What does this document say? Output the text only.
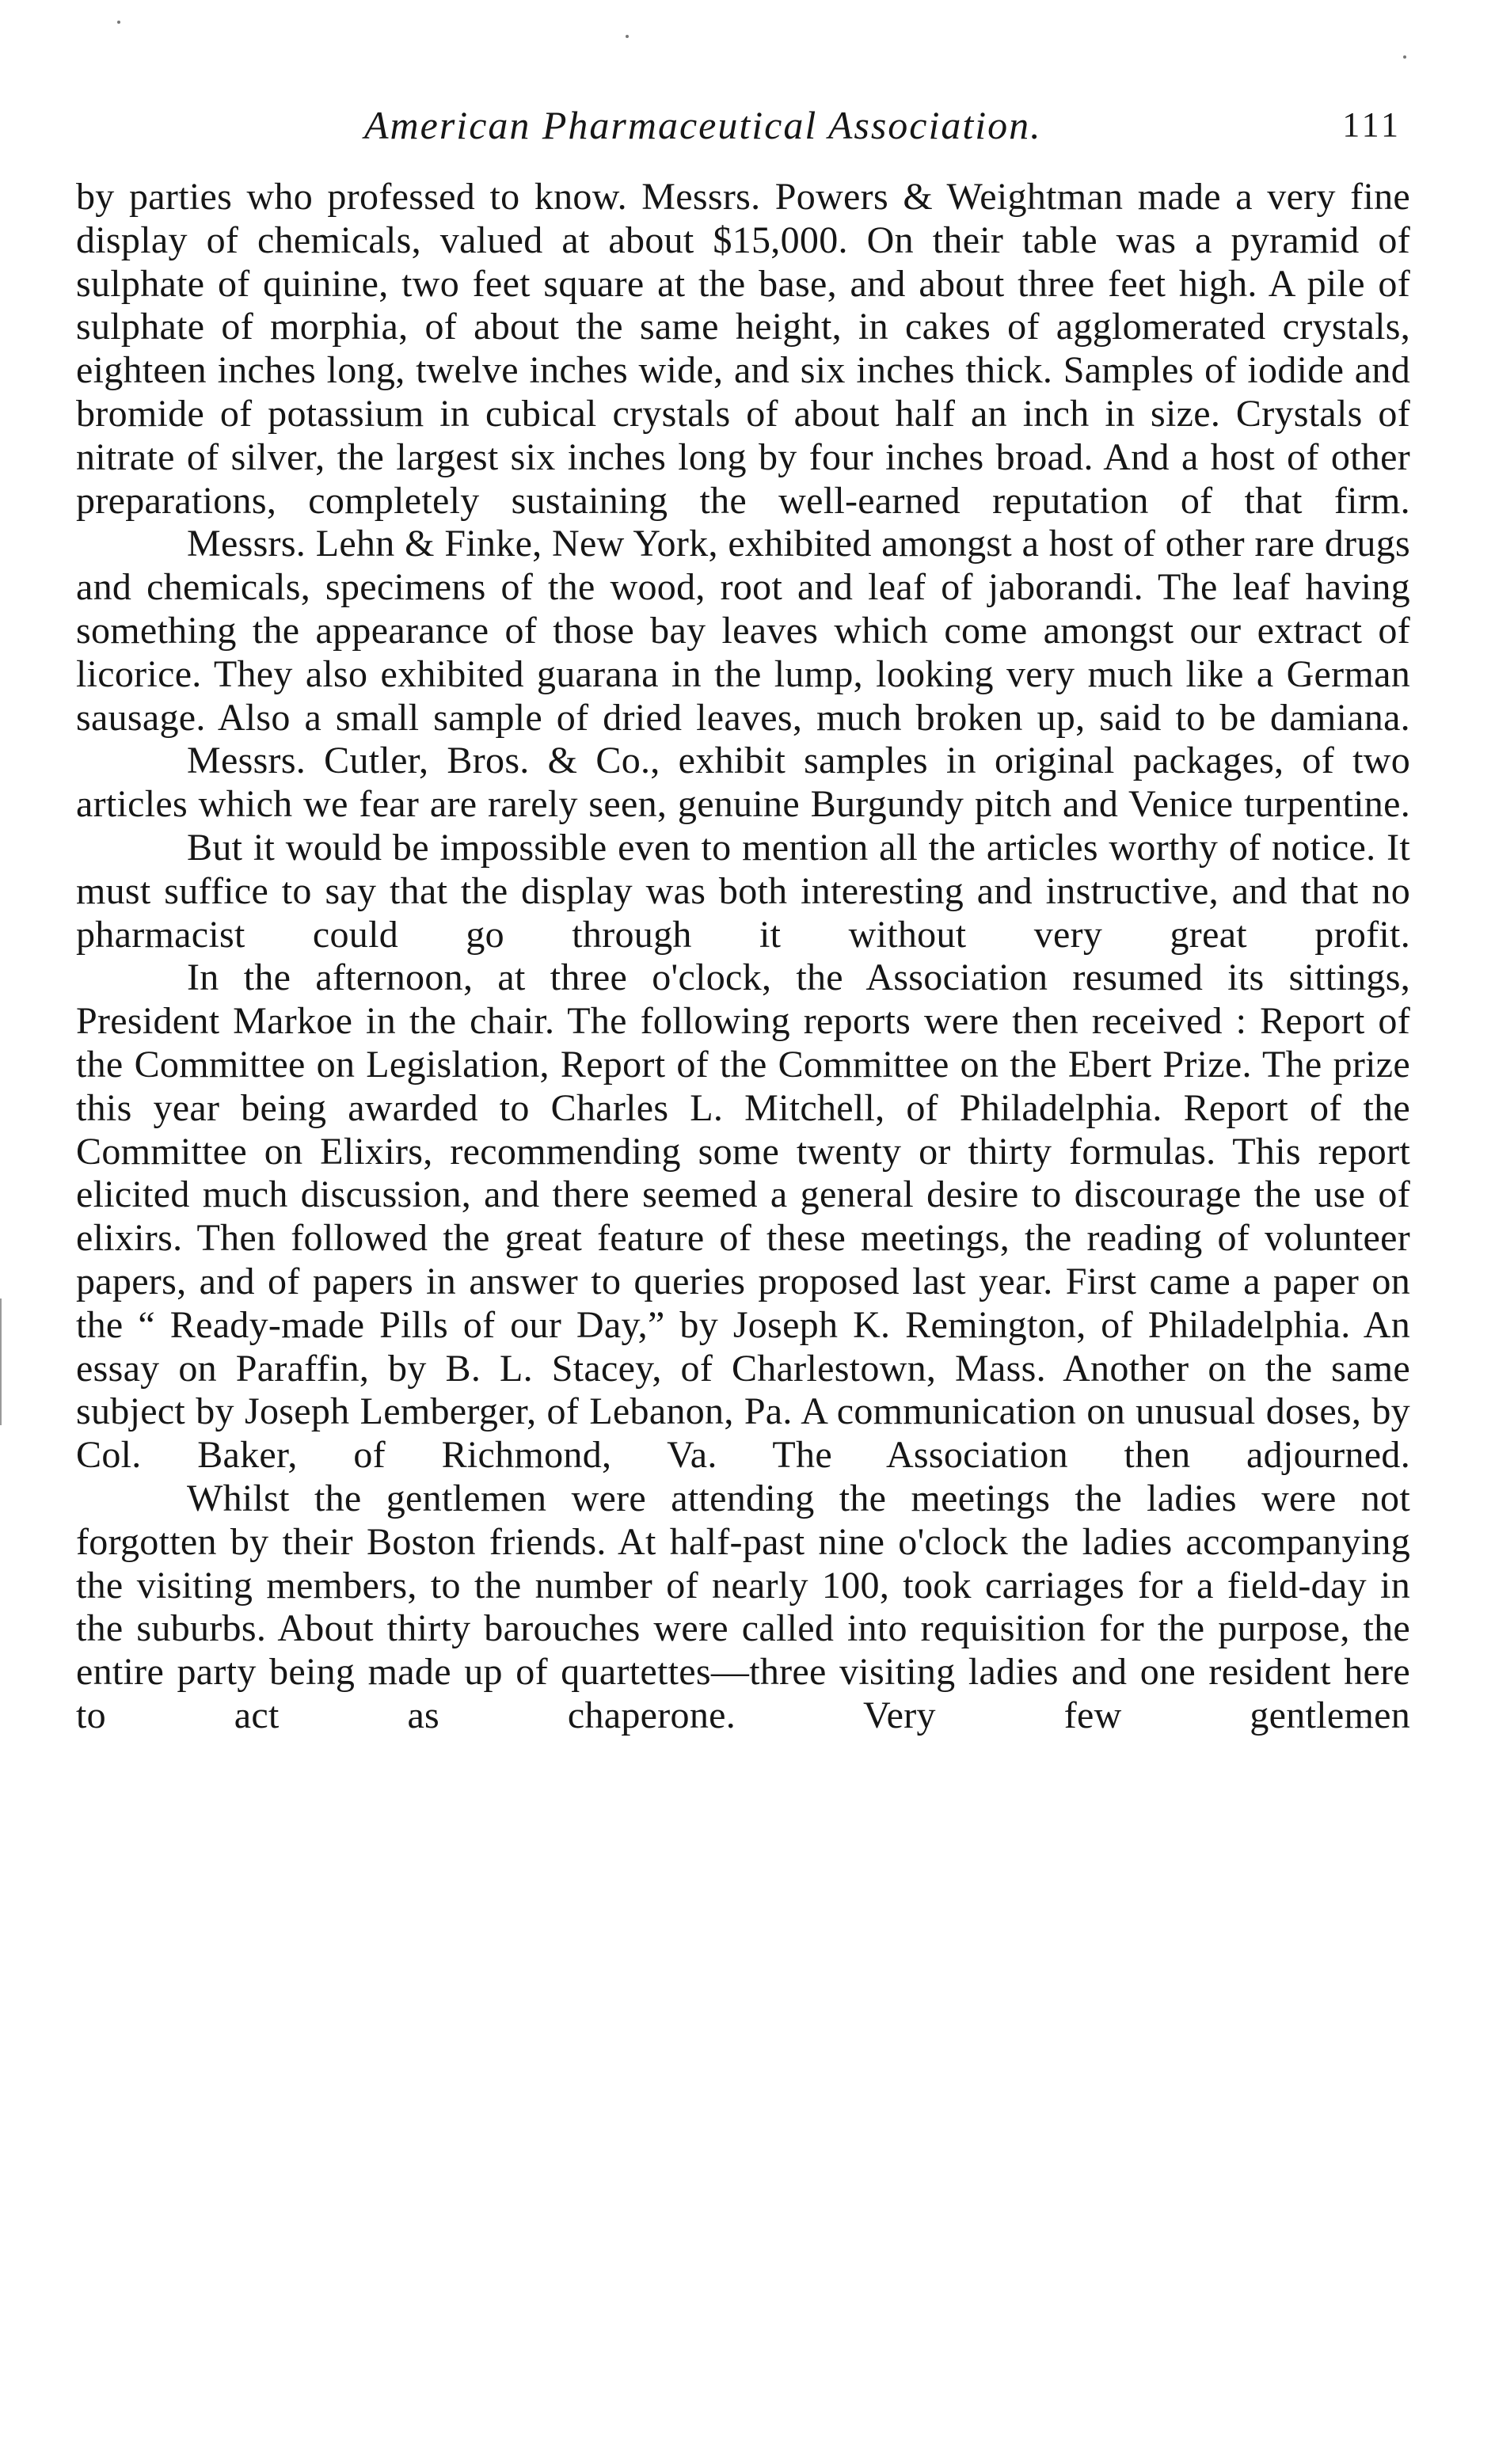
American Pharmaceutical Association.	111

by parties who professed to know. Messrs. Powers & Weightman made a very fine display of chemicals, valued at about $15,000. On their table was a pyramid of sulphate of quinine, two feet square at the base, and about three feet high. A pile of sulphate of morphia, of about the same height, in cakes of agglomerated crystals, eighteen inches long, twelve inches wide, and six inches thick. Samples of iodide and bromide of potassium in cubical crystals of about half an inch in size. Crystals of nitrate of silver, the largest six inches long by four inches broad. And a host of other preparations, completely sustaining the well-earned reputation of that firm.

Messrs. Lehn & Finke, New York, exhibited amongst a host of other rare drugs and chemicals, specimens of the wood, root and leaf of jaborandi. The leaf having something the appearance of those bay leaves which come amongst our extract of licorice. They also exhibited guarana in the lump, looking very much like a German sausage. Also a small sample of dried leaves, much broken up, said to be damiana.

Messrs. Cutler, Bros. & Co., exhibit samples in original packages, of two articles which we fear are rarely seen, genuine Burgundy pitch and Venice turpentine.

But it would be impossible even to mention all the articles worthy of notice. It must suffice to say that the display was both interesting and instructive, and that no pharmacist could go through it without very great profit.

In the afternoon, at three o'clock, the Association resumed its sittings, President Markoe in the chair. The following reports were then received : Report of the Committee on Legislation, Report of the Committee on the Ebert Prize. The prize this year being awarded to Charles L. Mitchell, of Philadelphia. Report of the Committee on Elixirs, recommending some twenty or thirty formulas. This report elicited much discussion, and there seemed a general desire to discourage the use of elixirs. Then followed the great feature of these meetings, the reading of volunteer papers, and of papers in answer to queries proposed last year. First came a paper on the “ Ready-made Pills of our Day,” by Joseph K. Remington, of Philadelphia. An essay on Paraffin, by B. L. Stacey, of Charlestown, Mass. Another on the same subject by Joseph Lemberger, of Lebanon, Pa. A communication on unusual doses, by Col. Baker, of Richmond, Va. The Association then adjourned.

Whilst the gentlemen were attending the meetings the ladies were not forgotten by their Boston friends. At half-past nine o'clock the ladies accompanying the visiting members, to the number of nearly 100, took carriages for a field-day in the suburbs. About thirty barouches were called into requisition for the purpose, the entire party being made up of quartettes—three visiting ladies and one resident here to act as chaperone. Very few gentlemen
